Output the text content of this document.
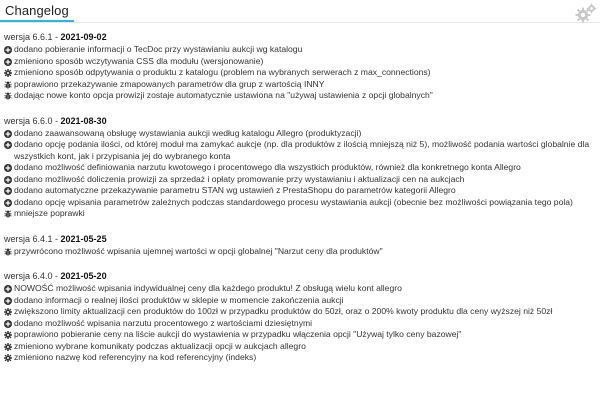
Changelog
wersja 6.6.1 - 2021-09-02
dodano pobieranie informacji o TecDoc przy wystawianiu aukcji wg katalogu
zmieniono sposób wczytywania CSS dla modułu (wersjonowanie)
zmieniono sposób odpytywania o produktu z katalogu (problem na wybranych serwerach z max_connections)
poprawiono przekazywanie zmapowanych parametrów dla grup z wartością INNY
dodając nowe konto opcja prowizji zostaje automatycznie ustawiona na "używaj ustawienia z opcji globalnych"
wersja 6.6.0 - 2021-08-30
dodano zaawansowaną obsługę wystawiania aukcji według katalogu Allegro (produktyzacji)
dodano opcję podania ilości, od której moduł ma zamykać aukcje (np. dla produktów z ilością mniejszą niż 5), możliwość podania wartości globalnie dla wszystkich kont, jak i przypisania jej do wybranego konta
dodano możliwość definiowania narzutu kwotowego i procentowego dla wszystkich produktów, również dla konkretnego konta Allegro
dodano możliwość doliczenia prowizji za sprzedaż i opłaty promowanie przy wystawianiu i aktualizacji cen na aukcjach
dodano automatyczne przekazywanie parametru STAN wg ustawień z PrestaShopu do parametrów kategorii Allegro
dodano opcję wpisania parametrów zależnych podczas standardowego procesu wystawiania aukcji (obecnie bez możliwości powiązania tego pola)
mniejsze poprawki
wersja 6.4.1 - 2021-05-25
przywrócono możliwość wpisania ujemnej wartości w opcji globalnej "Narzut ceny dla produktów"
wersja 6.4.0 - 2021-05-20
NOWOŚĆ możliwość wpisania indywidualnej ceny dla każdego produktu! Z obsługą wielu kont allegro
dodano informacji o realnej ilości produktów w sklepie w momencie zakończenia aukcji
zwiększono limity aktualizacji cen produktów do 100zł w przypadku produktów do 50zł, oraz o 200% kwoty produktu dla ceny wyższej niż 50zł
dodano możliwość wpisania narzutu procentowego z wartościami dziesiętnymi
poprawiono pobieranie ceny na liście aukcji do wystawienia w przypadku włączenia opcji "Używaj tylko ceny bazowej"
zmieniono wybrane komunikaty podczas aktualizacji opcji w aukcjach allegro
zmieniono nazwę kod referencyjny na kod referencyjny (indeks)
